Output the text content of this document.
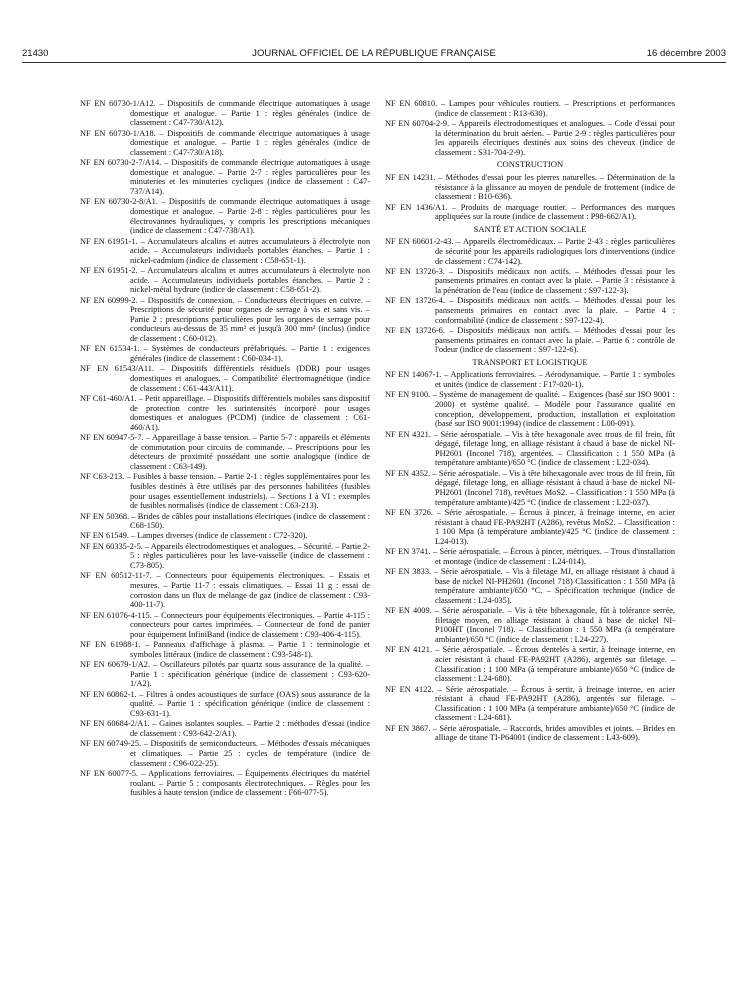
21430	JOURNAL OFFICIEL DE LA RÉPUBLIQUE FRANÇAISE	16 décembre 2003

NF EN 60730-1/A12. – Dispositifs de commande électrique automatiques à usage domestique et analogue. – Partie 1 : règles générales (indice de classement : C47-730/A12).

NF EN 60730-1/A18. – Dispositifs de commande électrique automatiques à usage domestique et analogue. – Partie 1 : règles générales (indice de classement : C47-730/A18).

NF EN 60730-2-7/A14. – Dispositifs de commande électrique automatiques à usage domestique et analogue. – Partie 2-7 : règles particulières pour les minuteries et les minuteries cycliques (indice de classement : C47-737/A14).

NF EN 60730-2-8/A1. – Dispositifs de commande électrique automatiques à usage domestique et analogue. – Partie 2-8 : règles particulières pour les électrovannes hydrauliques, y compris les prescriptions mécaniques (indice de classement : C47-738/A1).

NF EN 61951-1. – Accumulateurs alcalins et autres accumulateurs à électrolyte non acide. – Accumulateurs individuels portables étanches. – Partie 1 : nickel-cadmium (indice de classement : C58-651-1).

NF EN 61951-2. – Accumulateurs alcalins et autres accumulateurs à électrolyte non acide. – Accumulateurs individuels portables étanches. – Partie 2 : nickel-métal hydrure (indice de classement : C58-651-2).

NF EN 60999-2. – Dispositifs de connexion. – Conducteurs électriques en cuivre. – Prescriptions de sécurité pour organes de serrage à vis et sans vis. – Partie 2 : prescriptions particulières pour les organes de serrage pour conducteurs au-dessus de 35 mm² et jusqu'à 300 mm² (inclus) (indice de classement : C60-012).

NF EN 61534-1. – Systèmes de conducteurs préfabriqués. – Partie 1 : exigences générales (indice de classement : C60-034-1).

NF EN 61543/A11. – Dispositifs différentiels résiduels (DDR) pour usages domestiques et analogues. – Compatibilité électromagnétique (indice de classement : C61-443/A11).

NF C61-460/A1. – Petit appareillage. – Dispositifs différentiels mobiles sans dispositif de protection contre les surintensités incorporé pour usages domestiques et analogues (PCDM) (indice de classement : C61-460/A1).

NF EN 60947-5-7. – Appareillage à basse tension. – Partie 5-7 : appareils et éléments de commutation pour circuits de commande. – Prescriptions pour les détecteurs de proximité possédant une sortie analogique (indice de classement : C63-149).

NF C63-213. – Fusibles à basse tension. – Partie 2-1 : règles supplémentaires pour les fusibles destinés à être utilisés par des personnes habilitées (fusibles pour usages essentiellement industriels). – Sections I à VI : exemples de fusibles normalisés (indice de classement : C63-213).

NF EN 50368. – Brides de câbles pour installations électriques (indice de classement : C68-150).

NF EN 61549. – Lampes diverses (indice de classement : C72-320).

NF EN 60335-2-5. – Appareils électrodomestiques et analogues. – Sécurité. – Partie 2-5 : règles particulières pour les lave-vaisselle (indice de classement : C73-805).

NF EN 60512-11-7. – Connecteurs pour équipements électroniques. – Essais et mesures. – Partie 11-7 : essais climatiques. – Essai 11 g : essai de corrosion dans un flux de mélange de gaz (indice de classement : C93-400-11-7).

NF EN 61076-4-115. – Connecteurs pour équipements électroniques. – Partie 4-115 : connecteurs pour cartes imprimées. – Connecteur de fond de panier pour équipement InfiniBand (indice de classement : C93-406-4-115).

NF EN 61988-1. – Panneaux d'affichage à plasma. – Partie 1 : terminologie et symboles littéraux (indice de classement : C93-548-1).

NF EN 60679-1/A2. – Oscillateurs pilotés par quartz sous assurance de la qualité. – Partie 1 : spécification générique (indice de classement : C93-620-1/A2).

NF EN 60862-1. – Filtres à ondes acoustiques de surface (OAS) sous assurance de la qualité. – Partie 1 : spécification générique (indice de classement : C93-631-1).

NF EN 60684-2/A1. – Gaines isolantes souples. – Partie 2 : méthodes d'essai (indice de classement : C93-642-2/A1).

NF EN 60749-25. – Dispositifs de semiconducteurs. – Méthodes d'essais mécaniques et climatiques. – Partie 25 : cycles de température (indice de classement : C96-022-25).

NF EN 60077-5. – Applications ferroviaires. – Équipements électriques du matériel roulant. – Partie 5 : composants électrotechniques. – Règles pour les fusibles à haute tension (indice de classement : F66-077-5).

NF EN 60810. – Lampes pour véhicules routiers. – Prescriptions et performances (indice de classement : R13-630).

NF EN 60704-2-9. – Appareils électrodomestiques et analogues. – Code d'essai pour la détermination du bruit aérien. – Partie 2-9 : règles particulières pour les appareils électriques destinés aux soins des cheveux (indice de classement : S31-704-2-9).

CONSTRUCTION

NF EN 14231. – Méthodes d'essai pour les pierres naturelles. – Détermination de la résistance à la glissance au moyen de pendule de frottement (indice de classement : B10-636).

NF EN 1436/A1. – Produits de marquage routier. – Performances des marques appliquées sur la route (indice de classement : P98-662/A1).

SANTÉ ET ACTION SOCIALE

NF EN 60601-2-43. – Appareils électromédicaux. – Partie 2-43 : règles particulières de sécurité pour les appareils radiologiques lors d'interventions (indice de classement : C74-142).

NF EN 13726-3. – Dispositifs médicaux non actifs. – Méthodes d'essai pour les pansements primaires en contact avec la plaie. – Partie 3 : résistance à la pénétration de l'eau (indice de classement : S97-122-3).

NF EN 13726-4. – Dispositifs médicaux non actifs. – Méthodes d'essai pour les pansements primaires en contact avec la plaie. – Partie 4 : conformabilité (indice de classement : S97-122-4).

NF EN 13726-6. – Dispositifs médicaux non actifs. – Méthodes d'essai pour les pansements primaires en contact avec la plaie. – Partie 6 : contrôle de l'odeur (indice de classement : S97-122-6).

TRANSPORT ET LOGISTIQUE

NF EN 14067-1. – Applications ferroviaires. – Aérodynamique. – Partie 1 : symboles et unités (indice de classement : F17-020-1).

NF EN 9100. – Système de management de qualité. – Exigences (basé sur ISO 9001 : 2000) et système qualité. – Modèle pour l'assurance qualité en conception, développement, production, installation et exploitation (basé sur ISO 9001:1994) (indice de classement : L00-091).

NF EN 4321. – Série aérospatiale. – Vis à tête hexagonale avec trous de fil frein, fût dégagé, filetage long, en alliage résistant à chaud à base de nickel NI-PH2601 (Inconel 718), argentées. – Classification : 1 550 MPa (à température ambiante)/650 °C (indice de classement : L22-034).

NF EN 4352. – Série aérospatiale. – Vis à tête bihexagonale avec trous de fil frein, fût dégagé, filetage long, en alliage résistant à chaud à base de nickel NI-PH2601 (Inconel 718), revêtues MoS2. – Classification : 1 550 MPa (à température ambiante)/425 °C (indice de classement : L22-037).

NF EN 3726. – Série aérospatiale. – Écrous à pincer, à freinage interne, en acier résistant à chaud FE-PA92HT (A286), revêtus MoS2. – Classification : 1 100 Mpa (à température ambiante)/425 °C (indice de classement : L24-013).

NF EN 3741. – Série aérospatiale. – Écrous à pincer, métriques. – Trous d'installation et montage (indice de classement : L24-014).

NF EN 3833. – Série aérospatiale. – Vis à filetage MJ, en alliage résistant à chaud à base de nickel NI-PH2601 (Inconel 718) Classification : 1 550 MPa (à température ambiante)/650 °C. – Spécification technique (indice de classement : L24-035).

NF EN 4009. – Série aérospatiale. – Vis à tête bihexagonale, fût à tolérance serrée, filetage moyen, en alliage résistant à chaud à base de nickel NI-P100HT (Inconel 718). – Classification : 1 550 MPa (à température ambiante)/650 °C (indice de classement : L24-227).

NF EN 4121. – Série aérospatiale. – Écrous dentelés à sertir, à freinage interne, en acier résistant à chaud FE-PA92HT (A286), argentés sur filetage. – Classification : 1 100 MPa (à température ambiante)/650 °C (indice de classement : L24-680).

NF EN 4122. – Série aérospatiale. – Écrous à sertir, à freinage interne, en acier résistant à chaud FE-PA92HT (A286), argentés sur filetage. – Classification : 1 100 MPa (à température ambiante)/650 °C (indice de classement : L24-681).

NF EN 3867. – Série aérospatiale. – Raccords, brides amovibles et joints. – Brides en alliage de titane TI-P64001 (indice de classement : L43-609).
